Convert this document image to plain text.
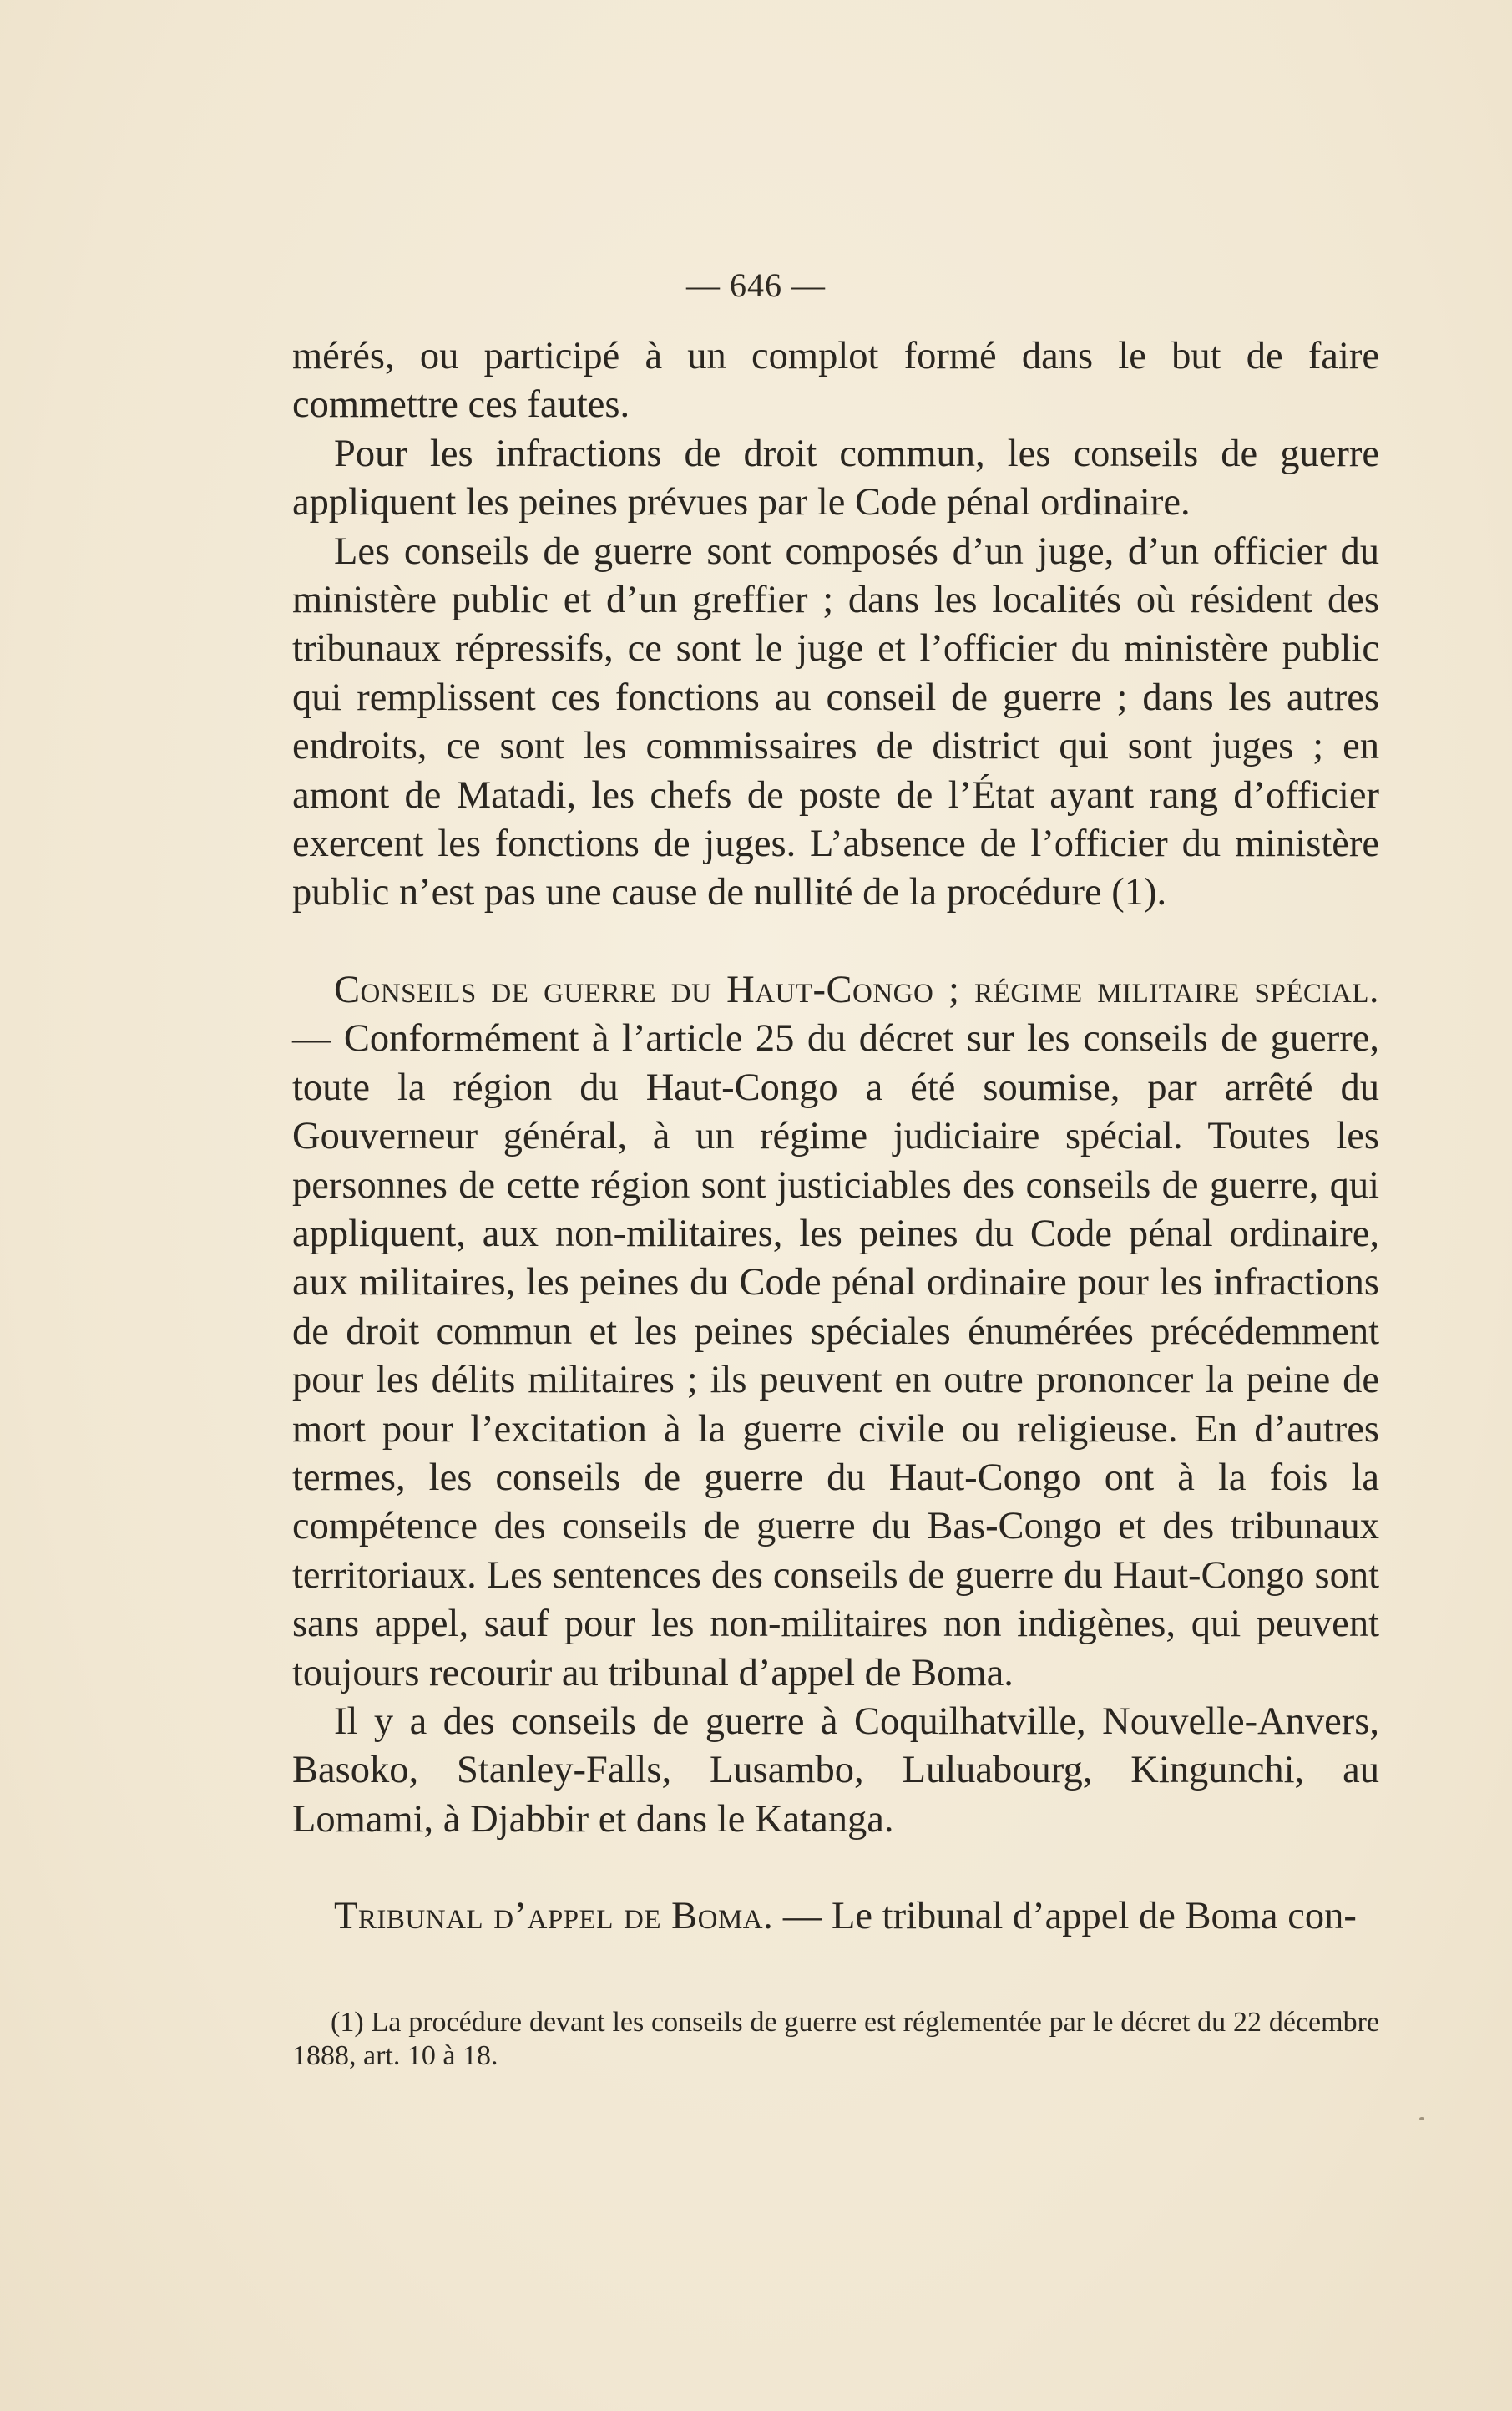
— 646 —

mérés, ou participé à un complot formé dans le but de faire commettre ces fautes.

Pour les infractions de droit commun, les conseils de guerre appliquent les peines prévues par le Code pénal ordinaire.

Les conseils de guerre sont composés d’un juge, d’un officier du ministère public et d’un greffier ; dans les localités où résident des tribunaux répressifs, ce sont le juge et l’officier du ministère public qui remplissent ces fonctions au conseil de guerre ; dans les autres endroits, ce sont les commissaires de district qui sont juges ; en amont de Matadi, les chefs de poste de l’État ayant rang d’officier exercent les fonctions de juges. L’absence de l’officier du ministère public n’est pas une cause de nullité de la procédure (1).

Conseils de guerre du Haut-Congo ; régime militaire spécial. — Conformément à l’article 25 du décret sur les conseils de guerre, toute la région du Haut-Congo a été soumise, par arrêté du Gouverneur général, à un régime judiciaire spécial. Toutes les personnes de cette région sont justiciables des conseils de guerre, qui appliquent, aux non-militaires, les peines du Code pénal ordinaire, aux militaires, les peines du Code pénal ordinaire pour les infractions de droit commun et les peines spéciales énumérées précédemment pour les délits militaires ; ils peuvent en outre prononcer la peine de mort pour l’excitation à la guerre civile ou religieuse. En d’autres termes, les conseils de guerre du Haut-Congo ont à la fois la compétence des conseils de guerre du Bas-Congo et des tribunaux territoriaux. Les sentences des conseils de guerre du Haut-Congo sont sans appel, sauf pour les non-militaires non indigènes, qui peuvent toujours recourir au tribunal d’appel de Boma.

Il y a des conseils de guerre à Coquilhatville, Nouvelle-Anvers, Basoko, Stanley-Falls, Lusambo, Luluabourg, Kingunchi, au Lomami, à Djabbir et dans le Katanga.

Tribunal d’appel de Boma. — Le tribunal d’appel de Boma con-

(1) La procédure devant les conseils de guerre est réglementée par le décret du 22 décembre 1888, art. 10 à 18.
